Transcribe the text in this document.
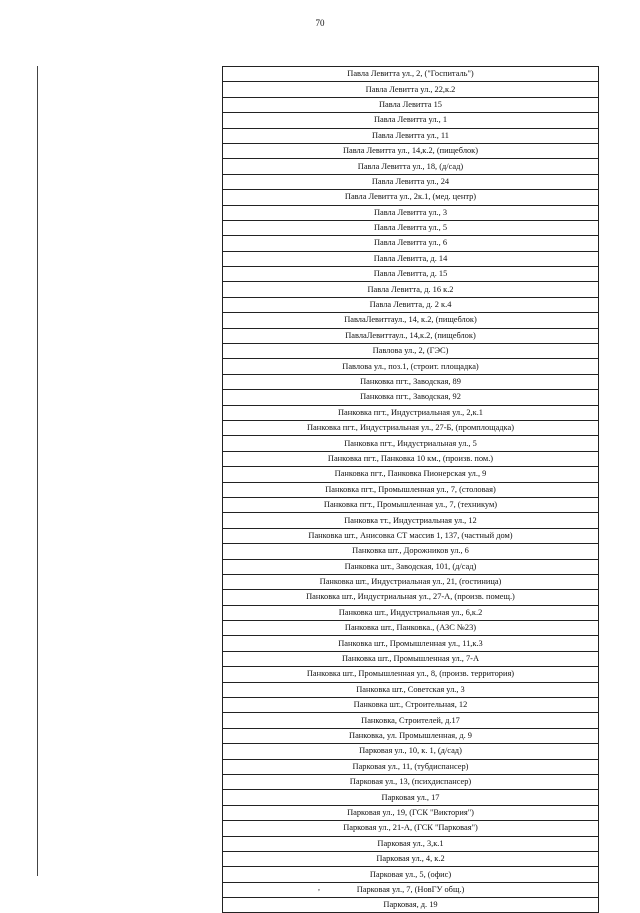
70
Павла Левитта ул., 2, ("Госпиталь")
Павла Левитта ул., 22,к.2
Павла Левитта 15
Павла Левитта ул., 1
Павла Левитта ул., 11
Павла Левитта ул., 14,к.2, (пищеблок)
Павла Левитта ул., 18, (д/сад)
Павла Левитта ул., 24
Павла Левитта ул., 2к.1, (мед. центр)
Павла Левитта ул., 3
Павла Левитта ул., 5
Павла Левитта ул., 6
Павла Левитта, д. 14
Павла Левитта, д. 15
Павла Левитта, д. 16 к.2
Павла Левитта, д. 2 к.4
ПавлаЛевиттаул., 14, к.2, (пищеблок)
ПавлаЛевиттаул., 14,к.2, (пищеблок)
Павлова ул., 2, (ГЭС)
Павлова ул., поз.1, (строит. площадка)
Панковка пгт., Заводская, 89
Панковка пгт., Заводская, 92
Панковка пгт., Индустриальная ул., 2,к.1
Панковка пгт., Индустриальная ул., 27-Б, (промплощадка)
Панковка пгт., Индустриальная ул., 5
Панковка пгт., Панковка 10 км., (произв. пом.)
Панковка пгт., Панковка Пионерская ул., 9
Панковка пгт., Промышленная ул., 7, (столовая)
Панковка пгт., Промышленная ул., 7, (техникум)
Панковка тт., Индустриальная ул., 12
Панковка шт., Анисовка СТ массив 1, 137, (частный дом)
Панковка шт., Дорожников ул., 6
Панковка шт., Заводская, 101, (д/сад)
Панковка шт., Индустриальная ул., 21, (гостиница)
Панковка шт., Индустриальная ул., 27-А, (произв. помещ.)
Панковка шт., Индустриальная ул., 6,к.2
Панковка шт., Панковка., (АЗС №23)
Панковка шт., Промышленная ул., 11,к.3
Панковка шт., Промышленная ул., 7-А
Панковка шт., Промышленная ул., 8, (произв. территория)
Панковка шт., Советская ул., 3
Панковка шт., Строительная, 12
Панковка, Строителей, д.17
Панковка, ул. Промышленная, д. 9
Парковая ул., 10, к. 1, (д/сад)
Парковая ул., 11, (тубдиспансер)
Парковая ул., 13, (психдиспансер)
Парковая ул., 17
Парковая ул., 19, (ГСК "Виктория")
Парковая ул., 21-А, (ГСК "Парковая")
Парковая ул., 3,к.1
Парковая ул., 4, к.2
Парковая ул., 5, (офис)
Парковая ул., 7, (НовГУ общ.)
Парковая, д. 19
,
